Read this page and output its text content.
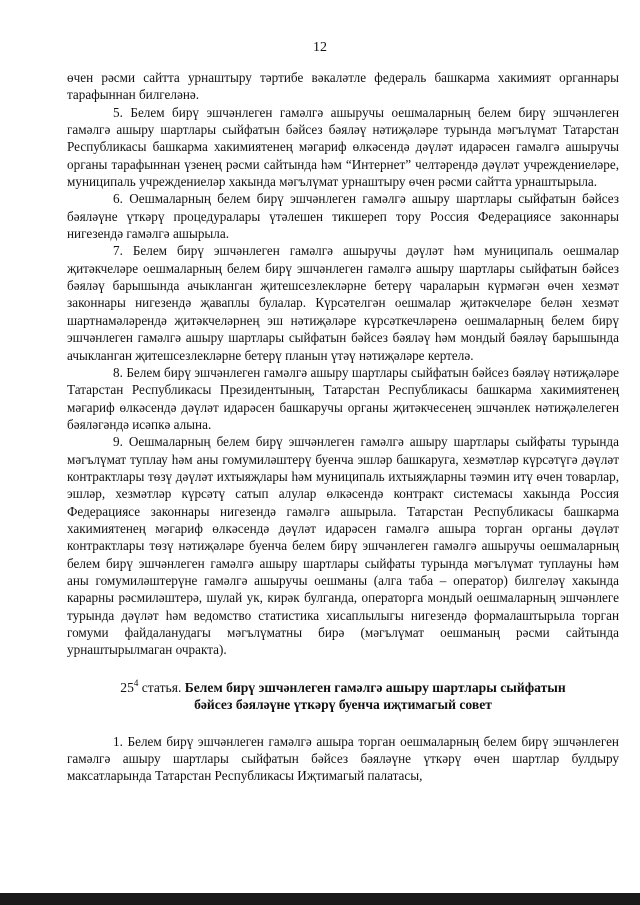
12

өчен рәсми сайтта урнаштыру тәртибе вәкаләтле федераль башкарма хакимият органнары тарафыннан билгеләнә.

5. Белем бирү эшчәнлеген гамәлгә ашыручы оешмаларның белем бирү эшчәнлеген гамәлгә ашыру шартлары сыйфатын бәйсез бәяләү нәтиҗәләре турында мәгълүмат Татарстан Республикасы башкарма хакимиятенең мәгариф өлкәсендә дәүләт идарәсен гамәлгә ашыручы органы тарафыннан үзенең рәсми сайтында һәм “Интернет” челтәрендә дәүләт учреждениеләре, муниципаль учреждениеләр хакында мәгълүмат урнаштыру өчен рәсми сайтта урнаштырыла.

6. Оешмаларның белем бирү эшчәнлеген гамәлгә ашыру шартлары сыйфатын бәйсез бәяләүне үткәрү процедуралары үтәлешен тикшереп тору Россия Федерациясе законнары нигезендә гамәлгә ашырыла.

7. Белем бирү эшчәнлеген гамәлгә ашыручы дәүләт һәм муниципаль оешмалар җитәкчеләре оешмаларның белем бирү эшчәнлеген гамәлгә ашыру шартлары сыйфатын бәйсез бәяләү барышында ачыкланган җитешсезлекләрне бетерү чараларын күрмәгән өчен хезмәт законнары нигезендә җаваплы булалар. Күрсәтелгән оешмалар җитәкчеләре белән хезмәт шартнамәләрендә җитәкчеләрнең эш нәтиҗәләре күрсәткечләренә оешмаларның белем бирү эшчәнлеген гамәлгә ашыру шартлары сыйфатын бәйсез бәяләү һәм мондый бәяләү барышында ачыкланган җитешсезлекләрне бетерү планын үтәү нәтиҗәләре кертелә.

8. Белем бирү эшчәнлеген гамәлгә ашыру шартлары сыйфатын бәйсез бәяләү нәтиҗәләре Татарстан Республикасы Президентының, Татарстан Республикасы башкарма хакимиятенең мәгариф өлкәсендә дәүләт идарәсен башкаручы органы җитәкчесенең эшчәнлек нәтиҗәлелеген бәяләгәндә исәпкә алына.

9. Оешмаларның белем бирү эшчәнлеген гамәлгә ашыру шартлары сыйфаты турында мәгълүмат туплау һәм аны гомумиләштерү буенча эшләр башкаруга, хезмәтләр күрсәтүгә дәүләт контрактлары төзү дәүләт ихтыяҗлары һәм муниципаль ихтыяҗларны тәэмин итү өчен товарлар, эшләр, хезмәтләр күрсәтү сатып алулар өлкәсендә контракт системасы хакында Россия Федерациясе законнары нигезендә гамәлгә ашырыла. Татарстан Республикасы башкарма хакимиятенең мәгариф өлкәсендә дәүләт идарәсен гамәлгә ашыра торган органы дәүләт контрактлары төзү нәтиҗәләре буенча белем бирү эшчәнлеген гамәлгә ашыручы оешмаларның белем бирү эшчәнлеген гамәлгә ашыру шартлары сыйфаты турында мәгълүмат туплауны һәм аны гомумиләштерүне гамәлгә ашыручы оешманы (алга таба – оператор) билгеләү хакында карарны рәсмиләштерә, шулай ук, кирәк булганда, операторга мондый оешмаларның эшчәнлеге турында дәүләт һәм ведомство статистика хисаплылыгы нигезендә формалаштырыла торган гомуми файдаланудагы мәгълүматны бирә (мәгълүмат оешманың рәсми сайтында урнаштырылмаган очракта).

$25^4$ статья. Белем бирү эшчәнлеген гамәлгә ашыру шартлары сыйфатын
бәйсез бәяләүне үткәрү буенча иҗтимагый совет

1. Белем бирү эшчәнлеген гамәлгә ашыра торган оешмаларның белем бирү эшчәнлеген гамәлгә ашыру шартлары сыйфатын бәйсез бәяләүне үткәрү өчен шартлар булдыру максатларында Татарстан Республикасы Иҗтимагый палатасы,
